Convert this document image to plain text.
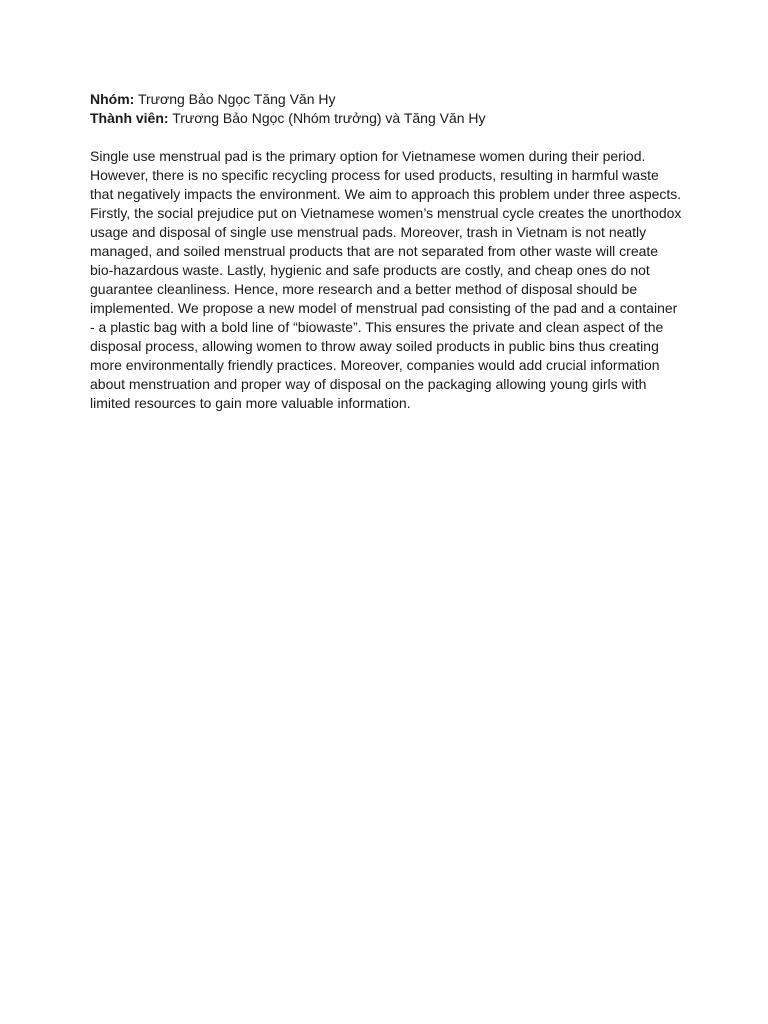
Nhóm: Trương Bảo Ngọc Tăng Văn Hy

Thành viên: Trương Bảo Ngọc (Nhóm trưởng) và Tăng Văn Hy

Single use menstrual pad is the primary option for Vietnamese women during their period. However, there is no specific recycling process for used products, resulting in harmful waste that negatively impacts the environment. We aim to approach this problem under three aspects. Firstly, the social prejudice put on Vietnamese women’s menstrual cycle creates the unorthodox usage and disposal of single use menstrual pads. Moreover, trash in Vietnam is not neatly managed, and soiled menstrual products that are not separated from other waste will create bio-hazardous waste. Lastly, hygienic and safe products are costly, and cheap ones do not guarantee cleanliness. Hence, more research and a better method of disposal should be implemented. We propose a new model of menstrual pad consisting of the pad and a container - a plastic bag with a bold line of “biowaste”. This ensures the private and clean aspect of the disposal process, allowing women to throw away soiled products in public bins thus creating more environmentally friendly practices. Moreover, companies would add crucial information about menstruation and proper way of disposal on the packaging allowing young girls with limited resources to gain more valuable information.
